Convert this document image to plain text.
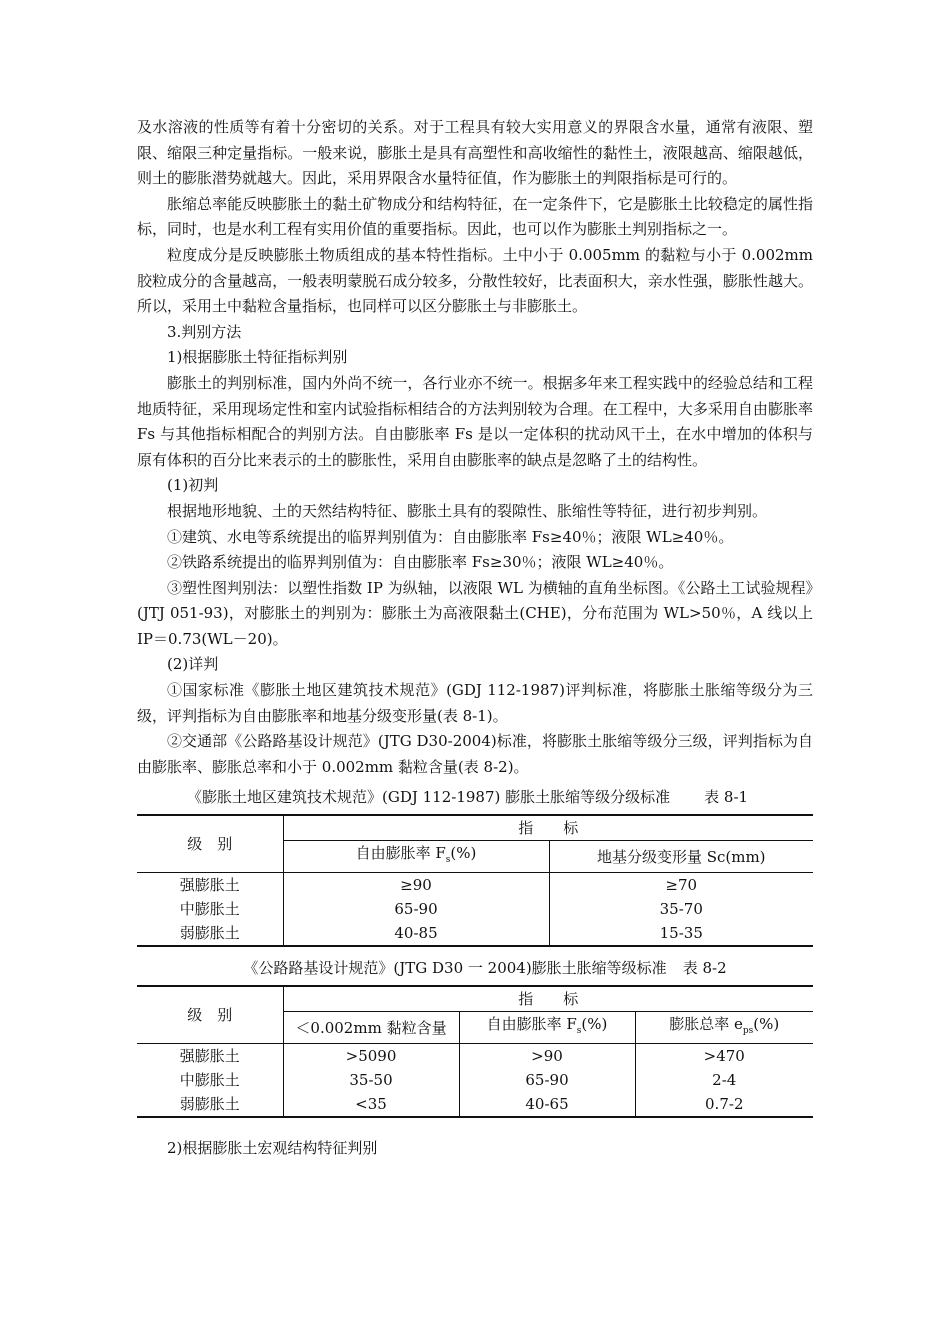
及水溶液的性质等有着十分密切的关系。对于工程具有较大实用意义的界限含水量，通常有液限、塑限、缩限三种定量指标。一般来说，膨胀土是具有高塑性和高收缩性的黏性土，液限越高、缩限越低，则土的膨胀潜势就越大。因此，采用界限含水量特征值，作为膨胀土的判限指标是可行的。

胀缩总率能反映膨胀土的黏土矿物成分和结构特征，在一定条件下，它是膨胀土比较稳定的属性指标，同时，也是水利工程有实用价值的重要指标。因此，也可以作为膨胀土判别指标之一。

粒度成分是反映膨胀土物质组成的基本特性指标。土中小于 0.005mm 的黏粒与小于 0.002mm 胶粒成分的含量越高，一般表明蒙脱石成分较多，分散性较好，比表面积大，亲水性强，膨胀性越大。所以，采用土中黏粒含量指标，也同样可以区分膨胀土与非膨胀土。

3.判别方法

1)根据膨胀土特征指标判别

膨胀土的判别标准，国内外尚不统一，各行业亦不统一。根据多年来工程实践中的经验总结和工程地质特征，采用现场定性和室内试验指标相结合的方法判别较为合理。在工程中，大多采用自由膨胀率 Fs 与其他指标相配合的判别方法。自由膨胀率 Fs 是以一定体积的扰动风干土，在水中增加的体积与原有体积的百分比来表示的土的膨胀性，采用自由膨胀率的缺点是忽略了土的结构性。

(1)初判

根据地形地貌、土的天然结构特征、膨胀土具有的裂隙性、胀缩性等特征，进行初步判别。

①建筑、水电等系统提出的临界判别值为：自由膨胀率 Fs≥40％；液限 WL≥40％。

②铁路系统提出的临界判别值为：自由膨胀率 Fs≥30％；液限 WL≥40％。

③塑性图判别法：以塑性指数 IP 为纵轴，以液限 WL 为横轴的直角坐标图。《公路土工试验规程》(JTJ 051-93)，对膨胀土的判别为：膨胀土为高液限黏土(CHE)，分布范围为 WL>50％，A 线以上 IP＝0.73(WL－20)。

(2)详判

①国家标准《膨胀土地区建筑技术规范》(GDJ 112-1987)评判标准，将膨胀土胀缩等级分为三级，评判指标为自由膨胀率和地基分级变形量(表 8-1)。

②交通部《公路路基设计规范》(JTG D30-2004)标准，将膨胀土胀缩等级分三级，评判指标为自由膨胀率、膨胀总率和小于 0.002mm 黏粒含量(表 8-2)。

《膨胀土地区建筑技术规范》(GDJ 112-1987) 膨胀土胀缩等级分级标准 表 8-1
级　别	指　　标	
	自由膨胀率 $F_s(\%)$	地基分级变形量 Sc(mm)
强膨胀土	≥90	≥70
中膨胀土	65-90	35-70
弱膨胀土	40-85	15-35
《公路路基设计规范》(JTG D30 一 2004)膨胀土胀缩等级标准 表 8-2
级　别	指　　标		
	＜0.002mm 黏粒含量	自由膨胀率 $F_s(\%)$	膨胀总率 $e_{ps}(\%)$
强膨胀土	>5090	>90	>470
中膨胀土	35-50	65-90	2-4
弱膨胀土	<35	40-65	0.7-2

2)根据膨胀土宏观结构特征判别
